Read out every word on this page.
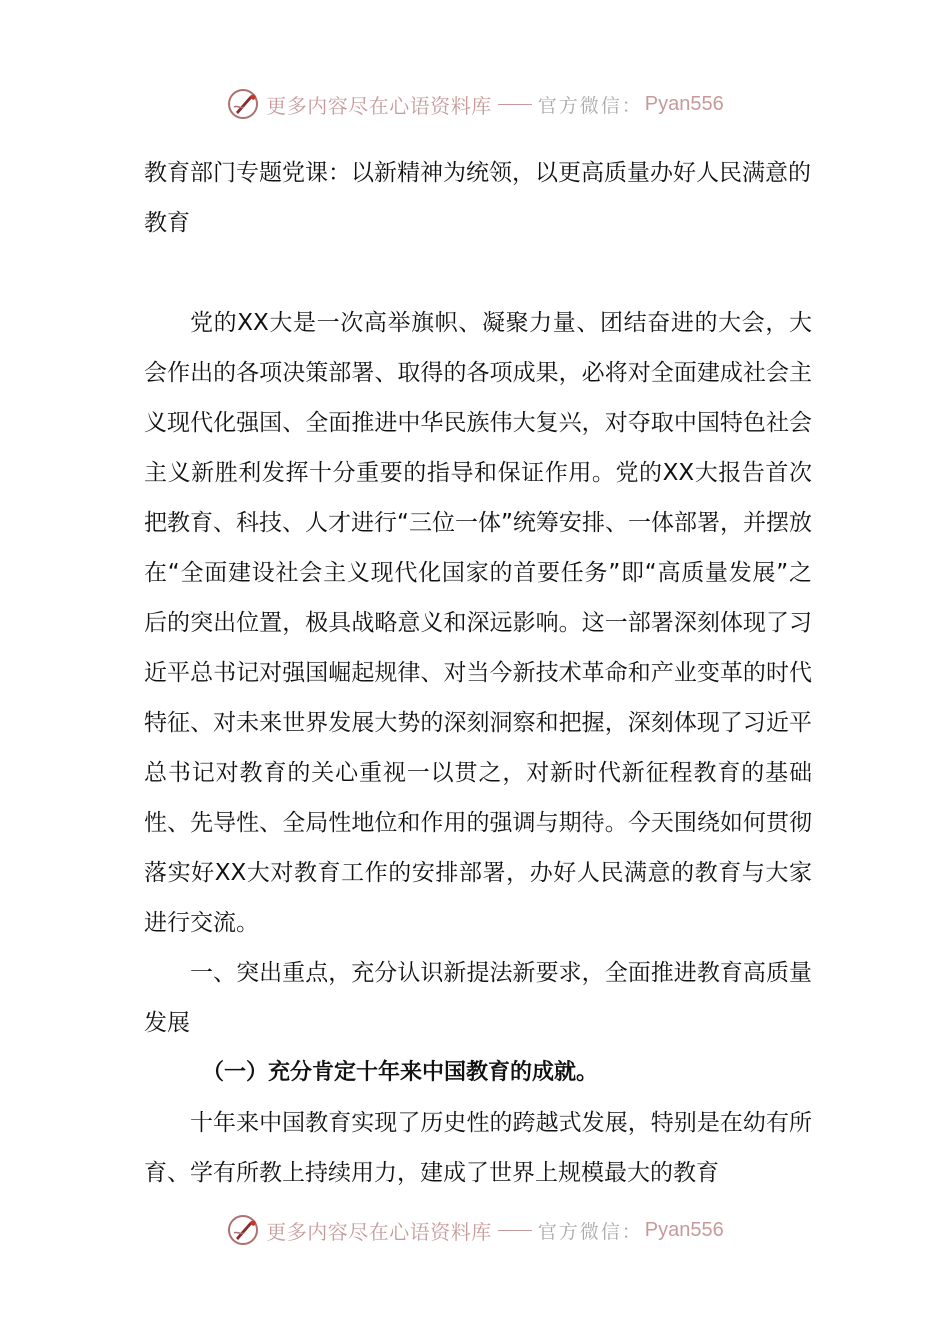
更多内容尽在心语资料库 官方微信： Pyan556
教育部门专题党课：以新精神为统领，以更高质量办好人民满意的教育

党的XX大是一次高举旗帜、凝聚力量、团结奋进的大会，大会作出的各项决策部署、取得的各项成果，必将对全面建成社会主义现代化强国、全面推进中华民族伟大复兴，对夺取中国特色社会主义新胜利发挥十分重要的指导和保证作用。党的XX大报告首次把教育、科技、人才进行“三位一体”统筹安排、一体部署，并摆放在“全面建设社会主义现代化国家的首要任务”即“高质量发展”之后的突出位置，极具战略意义和深远影响。这一部署深刻体现了习近平总书记对强国崛起规律、对当今新技术革命和产业变革的时代特征、对未来世界发展大势的深刻洞察和把握，深刻体现了习近平总书记对教育的关心重视一以贯之，对新时代新征程教育的基础性、先导性、全局性地位和作用的强调与期待。今天围绕如何贯彻落实好XX大对教育工作的安排部署，办好人民满意的教育与大家进行交流。

一、突出重点，充分认识新提法新要求，全面推进教育高质量发展

（一）充分肯定十年来中国教育的成就。

十年来中国教育实现了历史性的跨越式发展，特别是在幼有所育、学有所教上持续用力，建成了世界上规模最大的教育

更多内容尽在心语资料库 官方微信： Pyan556
